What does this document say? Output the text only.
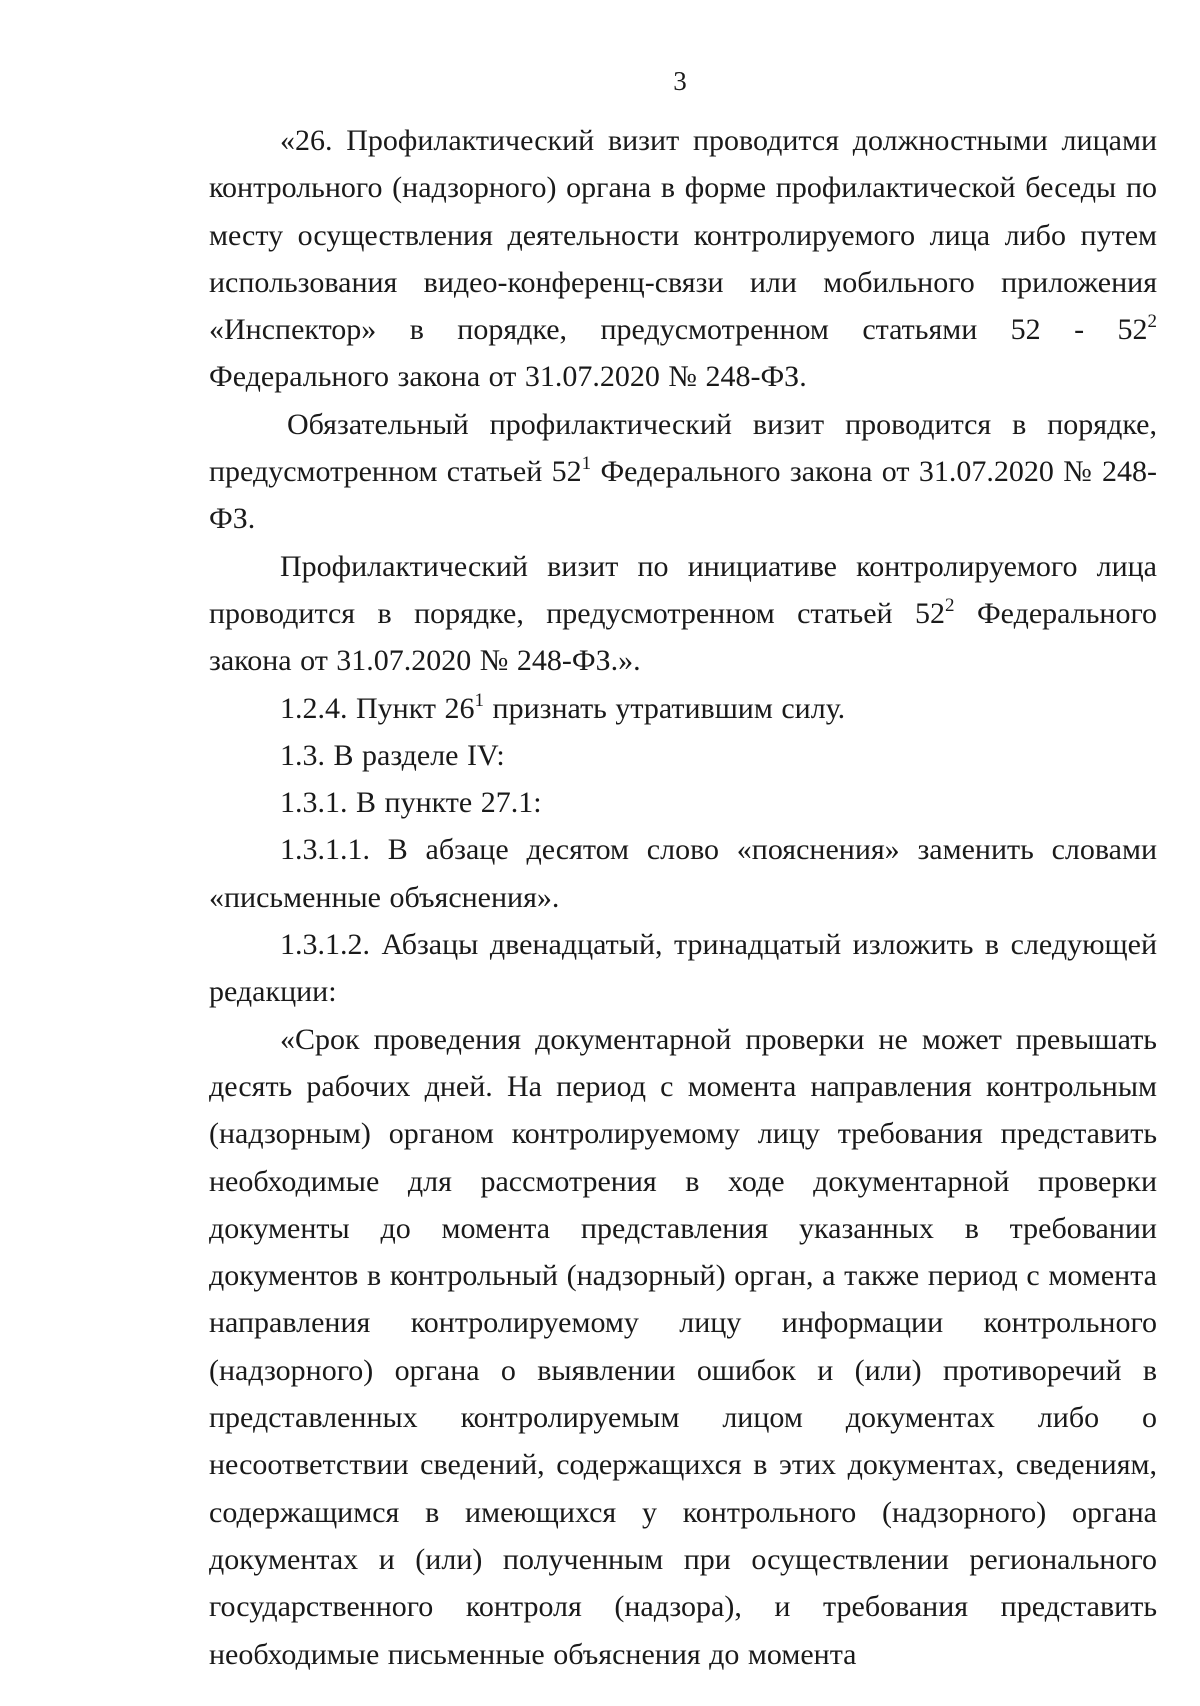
3

«26. Профилактический визит проводится должностными лицами контрольного (надзорного) органа в форме профилактической беседы по месту осуществления деятельности контролируемого лица либо путем использования видео-конференц-связи или мобильного приложения «Инспектор» в порядке, предусмотренном статьями $52 - 52^2$ Федерального закона от 31.07.2020 № 248-ФЗ.

Обязательный профилактический визит проводится в порядке, предусмотренном статьей $52^1$ Федерального закона от 31.07.2020 № 248-ФЗ.

Профилактический визит по инициативе контролируемого лица проводится в порядке, предусмотренном статьей $52^2$ Федерального закона от 31.07.2020 № 248-ФЗ.».

1.2.4. Пункт $26^1$ признать утратившим силу.

1.3. В разделе IV:

1.3.1. В пункте 27.1:

1.3.1.1. В абзаце десятом слово «пояснения» заменить словами «письменные объяснения».

1.3.1.2. Абзацы двенадцатый, тринадцатый изложить в следующей редакции:

«Срок проведения документарной проверки не может превышать десять рабочих дней. На период с момента направления контрольным (надзорным) органом контролируемому лицу требования представить необходимые для рассмотрения в ходе документарной проверки документы до момента представления указанных в требовании документов в контрольный (надзорный) орган, а также период с момента направления контролируемому лицу информации контрольного (надзорного) органа о выявлении ошибок и (или) противоречий в представленных контролируемым лицом документах либо о несоответствии сведений, содержащихся в этих документах, сведениям, содержащимся в имеющихся у контрольного (надзорного) органа документах и (или) полученным при осуществлении регионального государственного контроля (надзора), и требования представить необходимые письменные объяснения до момента
